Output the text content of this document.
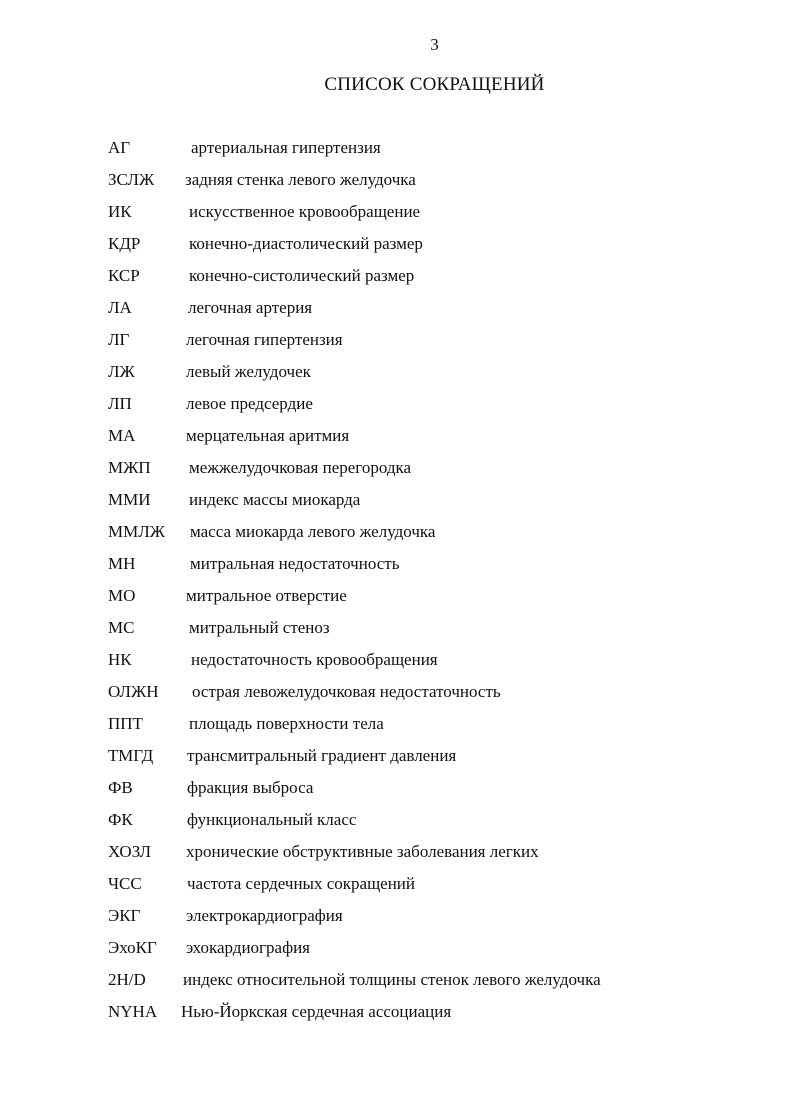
3
СПИСОК СОКРАЩЕНИЙ
АГ	артериальная гипертензия
ЗСЛЖ задняя стенка левого желудочка
ИК	искусственное кровообращение
КДР	конечно-диастолический размер
КСР	конечно-систолический размер
ЛА	легочная артерия
ЛГ	легочная гипертензия
ЛЖ	левый желудочек
ЛП	левое предсердие
МА	мерцательная аритмия
МЖП межжелудочковая перегородка
ММИ индекс массы миокарда
ММЛЖ масса миокарда левого желудочка
МН	митральная недостаточность
МО	митральное отверстие
МС	митральный стеноз
НК	недостаточность кровообращения
ОЛЖН острая левожелудочковая недостаточность
ППТ	площадь поверхности тела
ТМГД трансмитральный градиент давления
ФВ	фракция выброса
ФК	функциональный класс
ХОЗЛ хронические обструктивные заболевания легких
ЧСС	частота сердечных сокращений
ЭКГ	электрокардиография
ЭхоКГ эхокардиография
2H/D индекс относительной толщины стенок левого желудочка
NYHA Нью-Йоркская сердечная ассоциация
